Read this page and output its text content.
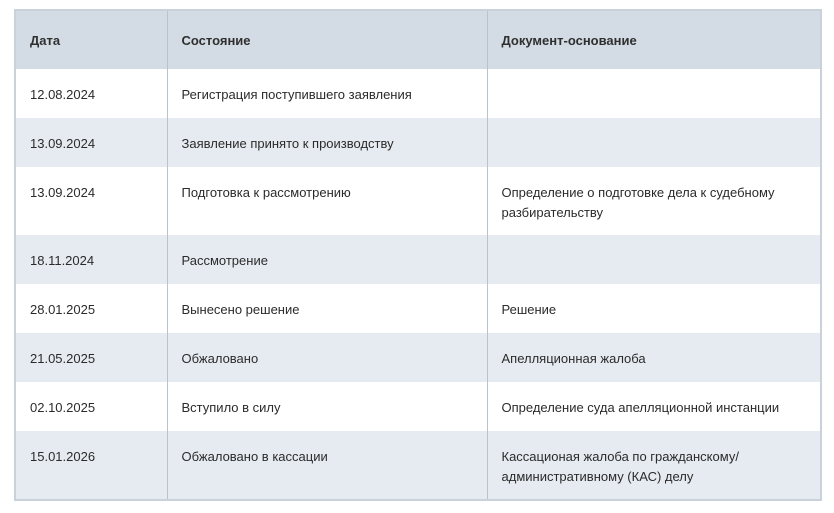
Дата	Состояние	Документ-основание
12.08.2024	Регистрация поступившего заявления	
13.09.2024	Заявление принято к производству	
13.09.2024	Подготовка к рассмотрению	Определение о подготовке дела к судебному разбирательству
18.11.2024	Рассмотрение	
28.01.2025	Вынесено решение	Решение
21.05.2025	Обжаловано	Апелляционная жалоба
02.10.2025	Вступило в силу	Определение суда апелляционной инстанции
15.01.2026	Обжаловано в кассации	Кассационая жалоба по гражданскому/ административному (КАС) делу
